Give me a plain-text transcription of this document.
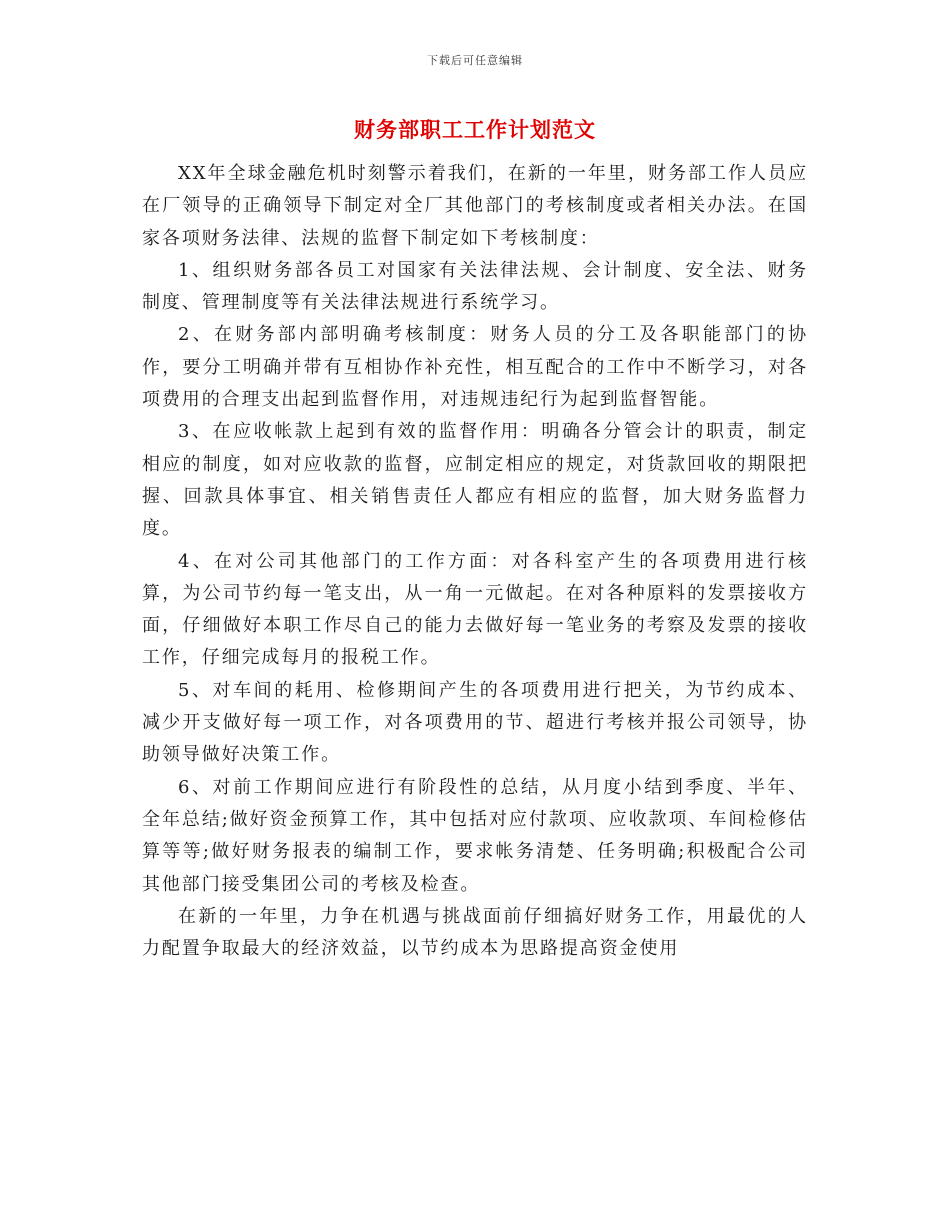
下载后可任意编辑
财务部职工工作计划范文

XX年全球金融危机时刻警示着我们，在新的一年里，财务部工作人员应在厂领导的正确领导下制定对全厂其他部门的考核制度或者相关办法。在国家各项财务法律、法规的监督下制定如下考核制度：

1、组织财务部各员工对国家有关法律法规、会计制度、安全法、财务制度、管理制度等有关法律法规进行系统学习。

2、在财务部内部明确考核制度：财务人员的分工及各职能部门的协作，要分工明确并带有互相协作补充性，相互配合的工作中不断学习，对各项费用的合理支出起到监督作用，对违规违纪行为起到监督智能。

3、在应收帐款上起到有效的监督作用：明确各分管会计的职责，制定相应的制度，如对应收款的监督，应制定相应的规定，对货款回收的期限把握、回款具体事宜、相关销售责任人都应有相应的监督，加大财务监督力度。

4、在对公司其他部门的工作方面：对各科室产生的各项费用进行核算，为公司节约每一笔支出，从一角一元做起。在对各种原料的发票接收方面，仔细做好本职工作尽自己的能力去做好每一笔业务的考察及发票的接收工作，仔细完成每月的报税工作。

5、对车间的耗用、检修期间产生的各项费用进行把关，为节约成本、减少开支做好每一项工作，对各项费用的节、超进行考核并报公司领导，协助领导做好决策工作。

6、对前工作期间应进行有阶段性的总结，从月度小结到季度、半年、全年总结;做好资金预算工作，其中包括对应付款项、应收款项、车间检修估算等等;做好财务报表的编制工作，要求帐务清楚、任务明确;积极配合公司其他部门接受集团公司的考核及检查。

在新的一年里，力争在机遇与挑战面前仔细搞好财务工作，用最优的人力配置争取最大的经济效益，以节约成本为思路提高资金使用
